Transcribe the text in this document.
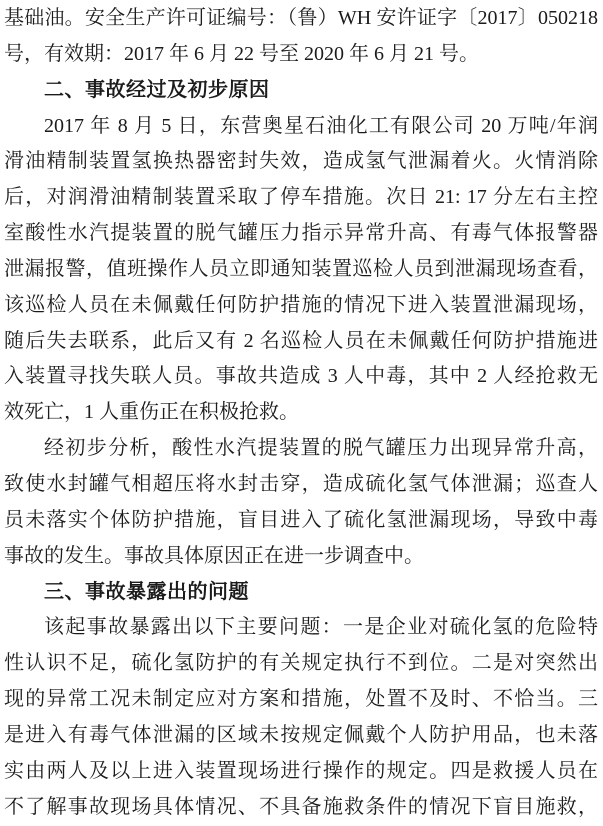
基础油。安全生产许可证编号：（鲁）WH 安许证字〔2017〕050218
号，有效期：2017 年 6 月 22 号至 2020 年 6 月 21 号。
二、事故经过及初步原因
2017 年 8 月 5 日，东营奥星石油化工有限公司 20 万吨/年润
滑油精制装置氢换热器密封失效，造成氢气泄漏着火。火情消除
后，对润滑油精制装置采取了停车措施。次日 21: 17 分左右主控
室酸性水汽提装置的脱气罐压力指示异常升高、有毒气体报警器
泄漏报警，值班操作人员立即通知装置巡检人员到泄漏现场查看，
该巡检人员在未佩戴任何防护措施的情况下进入装置泄漏现场，
随后失去联系，此后又有 2 名巡检人员在未佩戴任何防护措施进
入装置寻找失联人员。事故共造成 3 人中毒，其中 2 人经抢救无
效死亡，1 人重伤正在积极抢救。
经初步分析，酸性水汽提装置的脱气罐压力出现异常升高，
致使水封罐气相超压将水封击穿，造成硫化氢气体泄漏；巡查人
员未落实个体防护措施，盲目进入了硫化氢泄漏现场，导致中毒
事故的发生。事故具体原因正在进一步调查中。
三、事故暴露出的问题
该起事故暴露出以下主要问题：一是企业对硫化氢的危险特
性认识不足，硫化氢防护的有关规定执行不到位。二是对突然出
现的异常工况未制定应对方案和措施，处置不及时、不恰当。三
是进入有毒气体泄漏的区域未按规定佩戴个人防护用品，也未落
实由两人及以上进入装置现场进行操作的规定。四是救援人员在
不了解事故现场具体情况、不具备施救条件的情况下盲目施救，
